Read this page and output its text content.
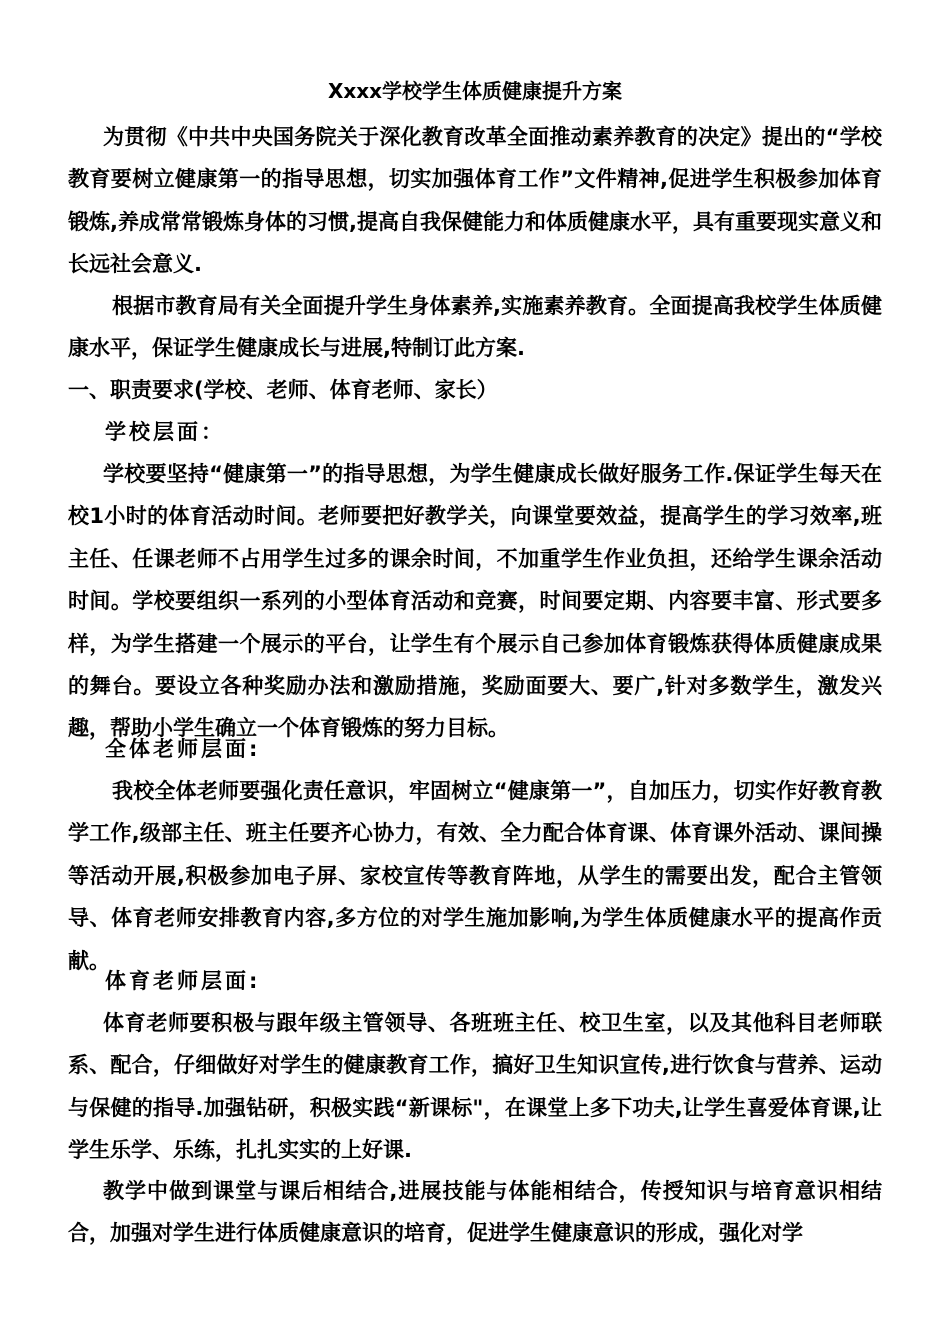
Xxxx学校学生体质健康提升方案

为贯彻《中共中央国务院关于深化教育改革全面推动素养教育的决定》提出的“学校教育要树立健康第一的指导思想，切实加强体育工作”文件精神,促进学生积极参加体育锻炼,养成常常锻炼身体的习惯,提高自我保健能力和体质健康水平，具有重要现实意义和长远社会意义.

根据市教育局有关全面提升学生身体素养,实施素养教育。全面提高我校学生体质健康水平，保证学生健康成长与进展,特制订此方案.

一、职责要求(学校、老师、体育老师、家长）

学校层面：

学校要坚持“健康第一”的指导思想，为学生健康成长做好服务工作.保证学生每天在校1小时的体育活动时间。老师要把好教学关，向课堂要效益，提高学生的学习效率,班主任、任课老师不占用学生过多的课余时间，不加重学生作业负担，还给学生课余活动时间。学校要组织一系列的小型体育活动和竞赛，时间要定期、内容要丰富、形式要多样，为学生搭建一个展示的平台，让学生有个展示自己参加体育锻炼获得体质健康成果的舞台。要设立各种奖励办法和激励措施，奖励面要大、要广,针对多数学生，激发兴趣，帮助小学生确立一个体育锻炼的努力目标。

全体老师层面:

我校全体老师要强化责任意识，牢固树立“健康第一”，自加压力，切实作好教育教学工作,级部主任、班主任要齐心协力，有效、全力配合体育课、体育课外活动、课间操等活动开展,积极参加电子屏、家校宣传等教育阵地，从学生的需要出发，配合主管领导、体育老师安排教育内容,多方位的对学生施加影响,为学生体质健康水平的提高作贡献。

体育老师层面:

体育老师要积极与跟年级主管领导、各班班主任、校卫生室，以及其他科目老师联系、配合，仔细做好对学生的健康教育工作，搞好卫生知识宣传,进行饮食与营养、运动与保健的指导.加强钻研，积极实践“新课标"，在课堂上多下功夫,让学生喜爱体育课,让学生乐学、乐练，扎扎实实的上好课.

教学中做到课堂与课后相结合,进展技能与体能相结合，传授知识与培育意识相结合，加强对学生进行体质健康意识的培育，促进学生健康意识的形成，强化对学
